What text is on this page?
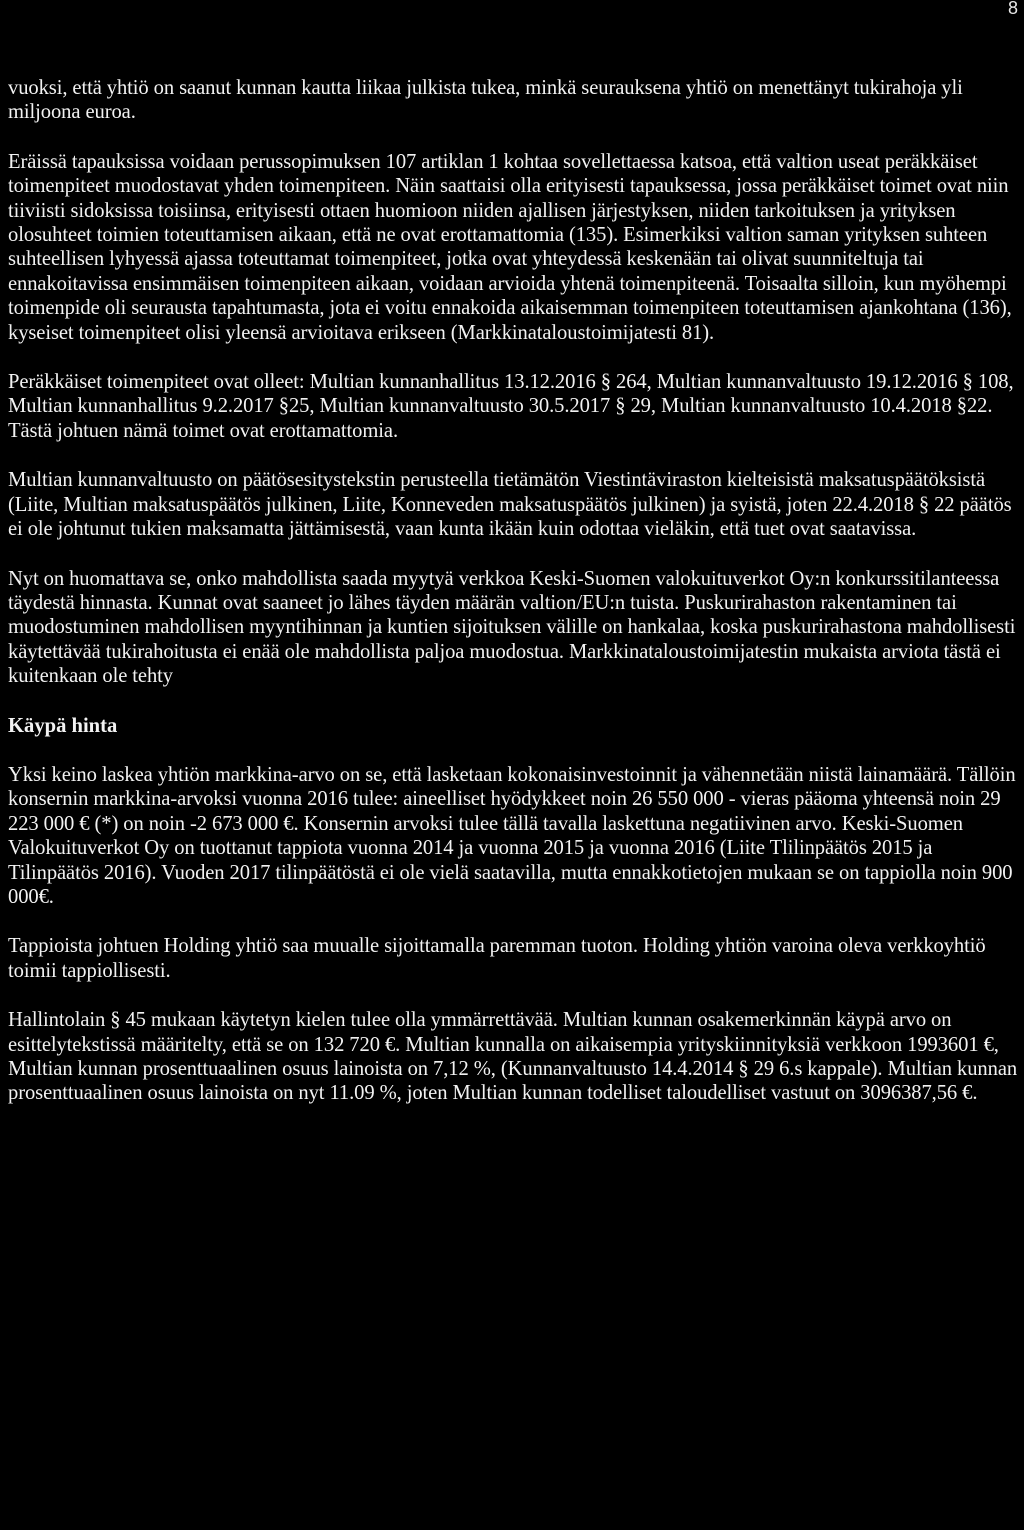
8

vuoksi, että yhtiö on saanut kunnan kautta liikaa julkista tukea, minkä seurauksena yhtiö on menettänyt tukirahoja yli miljoona euroa.

Eräissä tapauksissa voidaan perussopimuksen 107 artiklan 1 kohtaa sovellettaessa katsoa, että valtion useat peräkkäiset toimenpiteet muodostavat yhden toimenpiteen. Näin saattaisi olla erityisesti tapauksessa, jossa peräkkäiset toimet ovat niin tiiviisti sidoksissa toisiinsa, erityisesti ottaen huomioon niiden ajallisen järjestyksen, niiden tarkoituksen ja yrityksen olosuhteet toimien toteuttamisen aikaan, että ne ovat erottamattomia (135). Esimerkiksi valtion saman yrityksen suhteen suhteellisen lyhyessä ajassa toteuttamat toimenpiteet, jotka ovat yhteydessä keskenään tai olivat suunniteltuja tai ennakoitavissa ensimmäisen toimenpiteen aikaan, voidaan arvioida yhtenä toimenpiteenä. Toisaalta silloin, kun myöhempi toimenpide oli seurausta tapahtumasta, jota ei voitu ennakoida aikaisemman toimenpiteen toteuttamisen ajankohtana (136), kyseiset toimenpiteet olisi yleensä arvioitava erikseen (Markkinataloustoimijatesti 81).

Peräkkäiset toimenpiteet ovat olleet: Multian kunnanhallitus 13.12.2016 § 264, Multian kunnanvaltuusto 19.12.2016 § 108, Multian kunnanhallitus 9.2.2017 §25, Multian kunnanvaltuusto 30.5.2017 § 29, Multian kunnanvaltuusto 10.4.2018 §22. Tästä johtuen nämä toimet ovat erottamattomia.

Multian kunnanvaltuusto on päätösesitystekstin perusteella tietämätön Viestintäviraston kielteisistä maksatuspäätöksistä (Liite, Multian maksatuspäätös julkinen, Liite, Konneveden maksatuspäätös julkinen) ja syistä, joten 22.4.2018 § 22 päätös ei ole johtunut tukien maksamatta jättämisestä, vaan kunta ikään kuin odottaa vieläkin, että tuet ovat saatavissa.

Nyt on huomattava se, onko mahdollista saada myytyä verkkoa Keski-Suomen valokuituverkot Oy:n konkurssitilanteessa täydestä hinnasta. Kunnat ovat saaneet jo lähes täyden määrän valtion/EU:n tuista. Puskurirahaston rakentaminen tai muodostuminen mahdollisen myyntihinnan ja kuntien sijoituksen välille on hankalaa, koska puskurirahastona mahdollisesti käytettävää tukirahoitusta ei enää ole mahdollista paljoa muodostua. Markkinataloustoimijatestin mukaista arviota tästä ei kuitenkaan ole tehty

Käypä hinta

Yksi keino laskea yhtiön markkina-arvo on se, että lasketaan kokonaisinvestoinnit ja vähennetään niistä lainamäärä. Tällöin konsernin markkina-arvoksi vuonna 2016 tulee: aineelliset hyödykkeet noin 26 550 000 - vieras pääoma yhteensä noin 29 223 000 € (*) on noin -2 673 000 €. Konsernin arvoksi tulee tällä tavalla laskettuna negatiivinen arvo. Keski-Suomen Valokuituverkot Oy on tuottanut tappiota vuonna 2014 ja vuonna 2015 ja vuonna 2016 (Liite Tlilinpäätös 2015 ja Tilinpäätös 2016). Vuoden 2017 tilinpäätöstä ei ole vielä saatavilla, mutta ennakkotietojen mukaan se on tappiolla noin 900 000€.

Tappioista johtuen Holding yhtiö saa muualle sijoittamalla paremman tuoton. Holding yhtiön varoina oleva verkkoyhtiö toimii tappiollisesti.

Hallintolain § 45 mukaan käytetyn kielen tulee olla ymmärrettävää. Multian kunnan osakemerkinnän käypä arvo on esittelytekstissä määritelty, että se on 132 720 €. Multian kunnalla on aikaisempia yrityskiinnityksiä verkkoon 1993601 €, Multian kunnan prosenttuaalinen osuus lainoista on 7,12 %, (Kunnanvaltuusto 14.4.2014 § 29 6.s kappale). Multian kunnan prosenttuaalinen osuus lainoista on nyt 11.09 %, joten Multian kunnan todelliset taloudelliset vastuut on 3096387,56 €.
